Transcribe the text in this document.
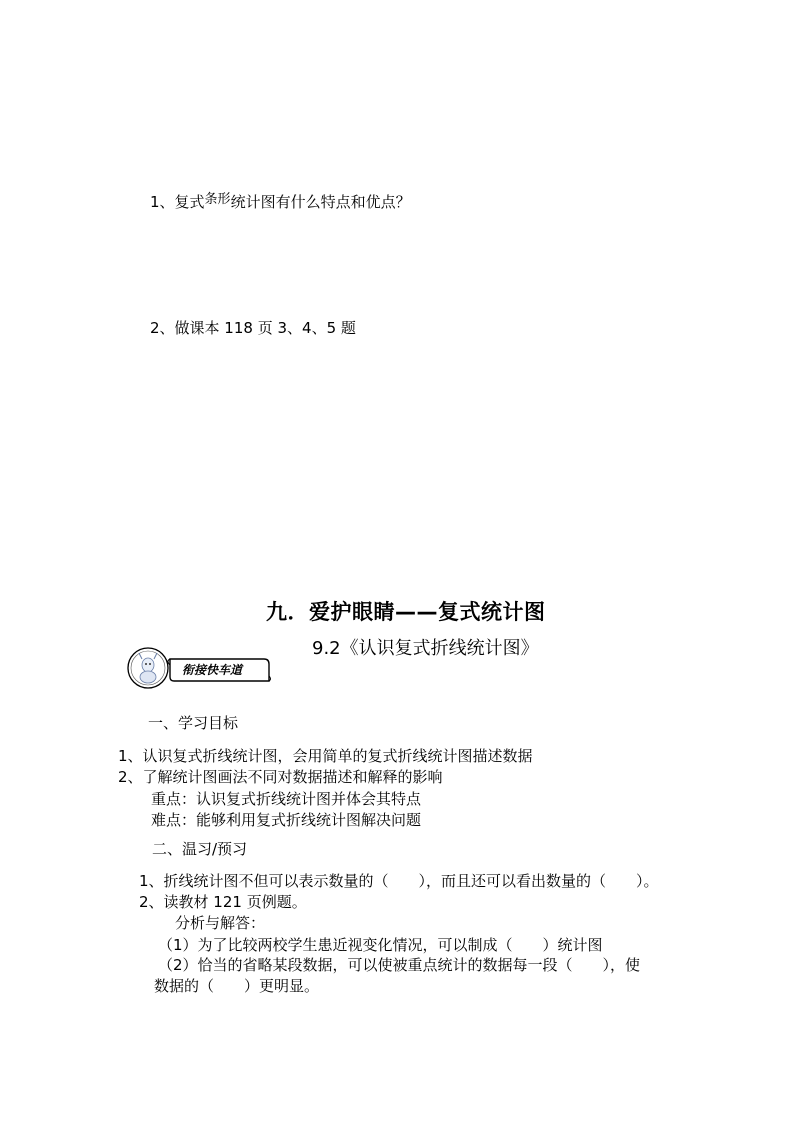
1、复式条形统计图有什么特点和优点？
2、做课本 118 页 3、4、5 题
九．爱护眼睛——复式统计图
9.2《认识复式折线统计图》
衔接快车道
一、学习目标
1、认识复式折线统计图，会用简单的复式折线统计图描述数据
2、了解统计图画法不同对数据描述和解释的影响
重点：认识复式折线统计图并体会其特点
难点：能够利用复式折线统计图解决问题
二、温习/预习
1、折线统计图不但可以表示数量的（　　），而且还可以看出数量的（　　）。
2、读教材 121 页例题。
分析与解答：
（1）为了比较两校学生患近视变化情况，可以制成（　　）统计图
（2）恰当的省略某段数据，可以使被重点统计的数据每一段（　　），使
数据的（　　）更明显。
